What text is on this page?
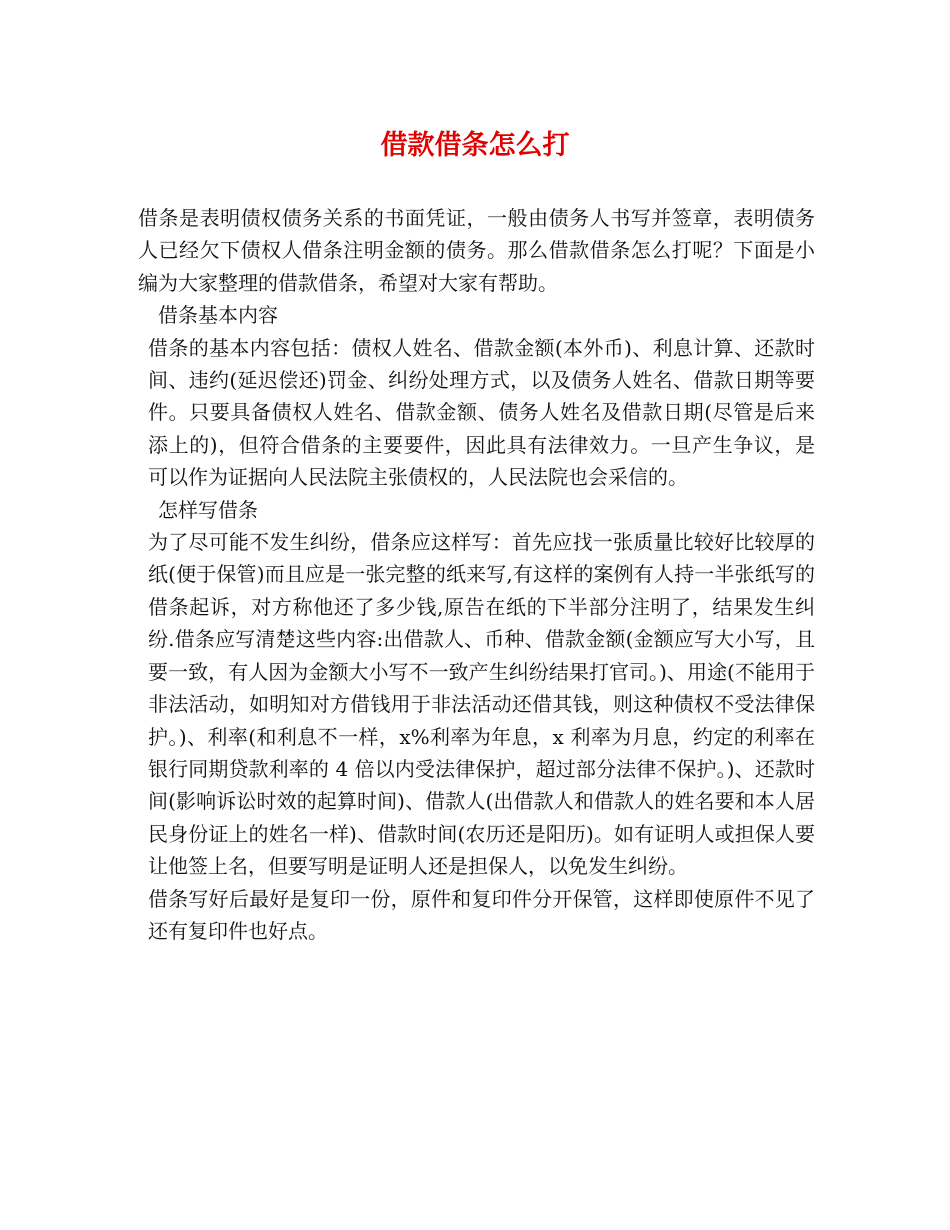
借款借条怎么打

借条是表明债权债务关系的书面凭证，一般由债务人书写并签章，表明债务人已经欠下债权人借条注明金额的债务。那么借款借条怎么打呢？下面是小编为大家整理的借款借条，希望对大家有帮助。

借条基本内容

借条的基本内容包括：债权人姓名、借款金额(本外币)、利息计算、还款时间、违约(延迟偿还)罚金、纠纷处理方式，以及债务人姓名、借款日期等要件。只要具备债权人姓名、借款金额、债务人姓名及借款日期(尽管是后来添上的)，但符合借条的主要要件，因此具有法律效力。一旦产生争议，是可以作为证据向人民法院主张债权的，人民法院也会采信的。

怎样写借条

为了尽可能不发生纠纷，借条应这样写：首先应找一张质量比较好比较厚的纸(便于保管)而且应是一张完整的纸来写,有这样的案例有人持一半张纸写的借条起诉，对方称他还了多少钱,原告在纸的下半部分注明了，结果发生纠纷.借条应写清楚这些内容:出借款人、币种、借款金额(金额应写大小写，且要一致，有人因为金额大小写不一致产生纠纷结果打官司。)、用途(不能用于非法活动，如明知对方借钱用于非法活动还借其钱，则这种债权不受法律保护。)、利率(和利息不一样，x%利率为年息，x 利率为月息，约定的利率在银行同期贷款利率的 4 倍以内受法律保护，超过部分法律不保护。)、还款时间(影响诉讼时效的起算时间)、借款人(出借款人和借款人的姓名要和本人居民身份证上的姓名一样)、借款时间(农历还是阳历)。如有证明人或担保人要让他签上名，但要写明是证明人还是担保人，以免发生纠纷。

借条写好后最好是复印一份，原件和复印件分开保管，这样即使原件不见了还有复印件也好点。
